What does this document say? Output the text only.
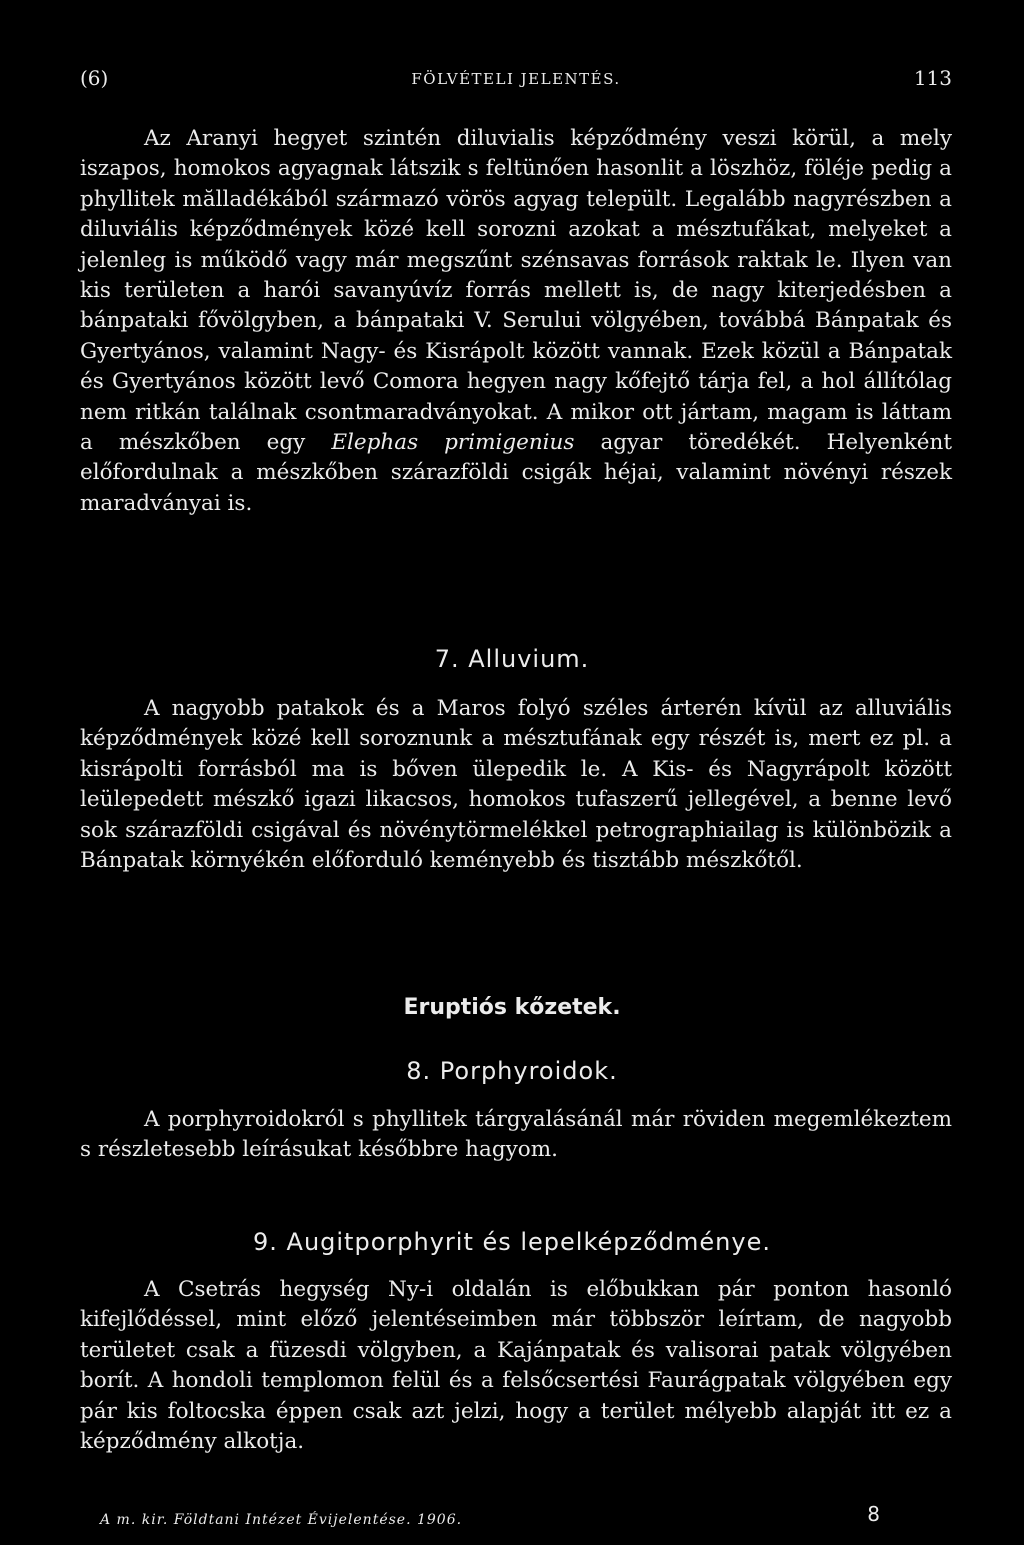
(6)	FÖLVÉTELI JELENTÉS.	113
Az Aranyi hegyet szintén diluvialis képződmény veszi körül, a mely iszapos, homokos agyagnak látszik s feltünően hasonlit a löszhöz, föléje pedig a phyllitek mălladékából származó vörös agyag települt. Legalább nagyrészben a diluviális képződmények közé kell sorozni azokat a mésztufákat, melyeket a jelenleg is működő vagy már megszűnt szénsavas források raktak le. Ilyen van kis területen a harói savanyúvíz forrás mellett is, de nagy kiterjedésben a bánpataki fővölgyben, a bánpataki V. Serului völgyében, továbbá Bánpatak és Gyertyános, valamint Nagy- és Kisrápolt között vannak. Ezek közül a Bánpatak és Gyertyános között levő Comora hegyen nagy kőfejtő tárja fel, a hol állítólag nem ritkán találnak csontmaradványokat. A mikor ott jártam, magam is láttam a mészkőben egy Elephas primigenius agyar töredékét. Helyenként előfordulnak a mészkőben szárazföldi csigák héjai, valamint növényi részek maradványai is.
7. Alluvium.
A nagyobb patakok és a Maros folyó széles árterén kívül az alluviális képződmények közé kell soroznunk a mésztufának egy részét is, mert ez pl. a kisrápolti forrásból ma is bőven ülepedik le. A Kis- és Nagyrápolt között leülepedett mészkő igazi likacsos, homokos tufaszerű jellegével, a benne levő sok szárazföldi csigával és növénytörmelékkel petrographiailag is különbözik a Bánpatak környékén előforduló keményebb és tisztább mészkőtől.
Eruptiós kőzetek.
8. Porphyroidok.
A porphyroidokról s phyllitek tárgyalásánál már röviden megemlékeztem s részletesebb leírásukat későbbre hagyom.
9. Augitporphyrit és lepelképződménye.
A Csetrás hegység Ny-i oldalán is előbukkan pár ponton hasonló kifejlődéssel, mint előző jelentéseimben már többször leírtam, de nagyobb területet csak a füzesdi völgyben, a Kajánpatak és valisorai patak völgyében borít. A hondoli templomon felül és a felsőcsertési Faurágpatak völgyében egy pár kis foltocska éppen csak azt jelzi, hogy a terület mélyebb alapját itt ez a képződmény alkotja.
A m. kir. Földtani Intézet Évijelentése. 1906.	8
